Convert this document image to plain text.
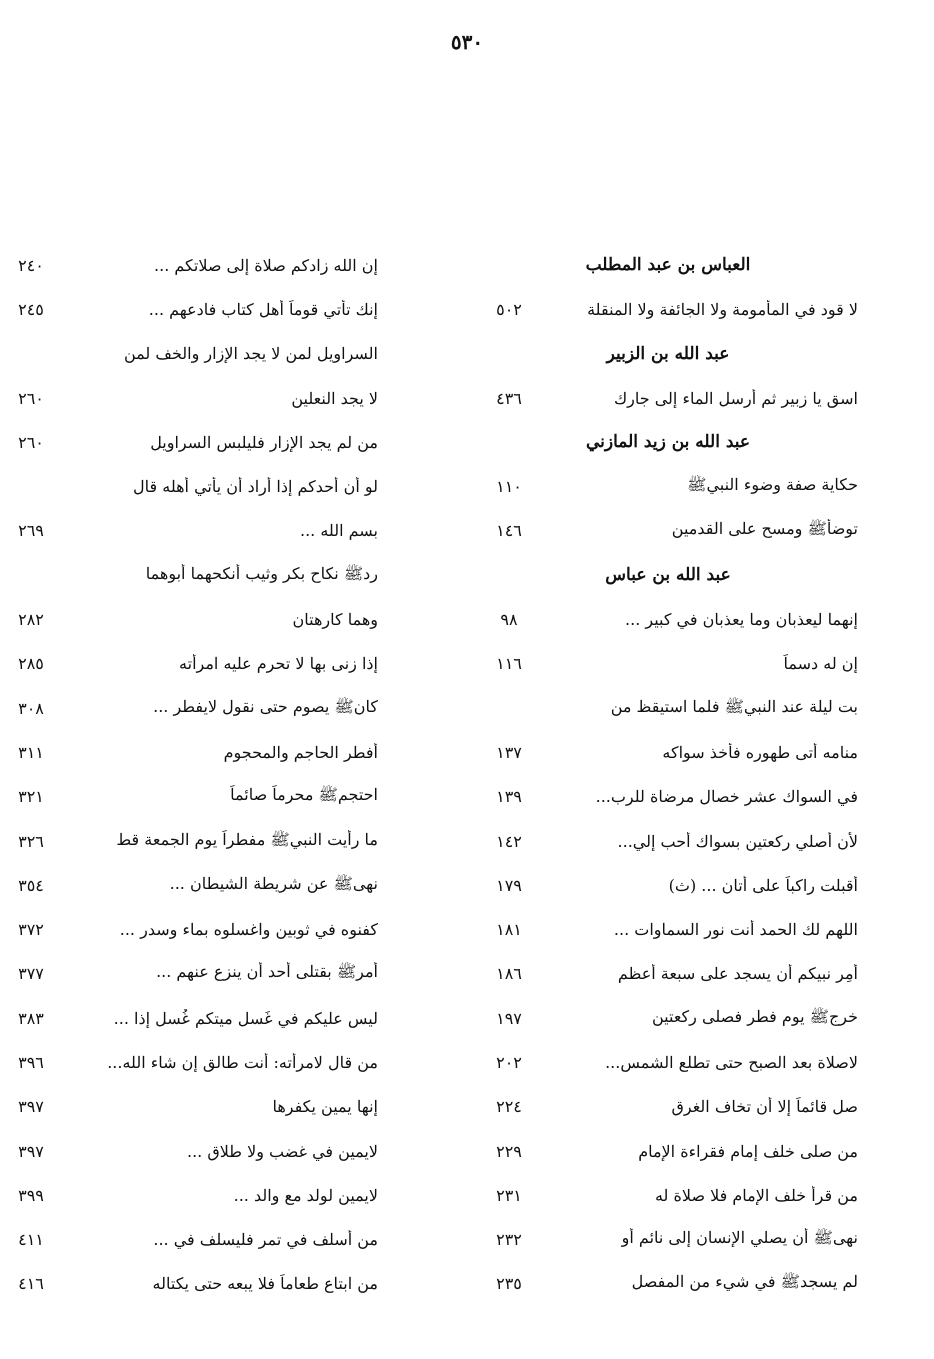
٥٣٠
العباس بن عبد المطلب
لا قود في المأمومة ولا الجائفة ولا المنقلة
٥٠٢
عبد الله بن الزبير
اسقِ يا زبير ثم أرسل الماء إلى جارك
٤٣٦
عبد الله بن زيد المازني
حكاية صفة وضوء النبيﷺ
١١٠
توضأﷺ ومسح على القدمين
١٤٦
عبد الله بن عباس
إنهما ليعذبان وما يعذبان في كبير ...
٩٨
إن له دسماً
١١٦
بت ليلة عند النبيﷺ فلما استيقظ من
منامه أتى طهوره فأخذ سواكه
١٣٧
في السواك عشر خصال مرضاة للرب...
١٣٩
لأن أصلي ركعتين بسواك أحب إلي...
١٤٢
أقبلت راكباً على أتان ... (ث)
١٧٩
اللهم لك الحمد أنت نور السماوات ...
١٨١
أُمِر نبيكم أن يسجد على سبعة أعظم
١٨٦
خرجﷺ يوم فطر فصلى ركعتين
١٩٧
لاصلاة بعد الصبح حتى تطلع الشمس...
٢٠٢
صل قائماً إلا أن تخاف الغرق
٢٢٤
من صلى خلف إمام فقراءة الإمام
٢٢٩
من قرأ خلف الإمام فلا صلاة له
٢٣١
نهىﷺ أن يصلي الإنسان إلى نائم أو
٢٣٢
لم يسجدﷺ في شيء من المفصل
٢٣٥
إن الله زادكم صلاة إلى صلاتكم ...
٢٤٠
إنك تأتي قوماً أهل كتاب فادعهم ...
٢٤٥
السراويل لمن لا يجد الإزار والخف لمن
لا يجد النعلين
٢٦٠
من لم يجد الإزار فليلبس السراويل
٢٦٠
لو أن أحدكم إذا أراد أن يأتي أهله قال
بسم الله ...
٢٦٩
ردﷺ نكاح بكر وثيب أنكحهما أبوهما
وهما كارهتان
٢٨٢
إذا زنى بها لا تحرم عليه امرأته
٢٨٥
كانﷺ يصوم حتى نقول لايفطر ...
٣٠٨
أفطر الحاجم والمحجوم
٣١١
احتجمﷺ محرماً صائماً
٣٢١
ما رأيت النبيﷺ مفطراً يوم الجمعة قط
٣٢٦
نهىﷺ عن شريطة الشيطان ...
٣٥٤
كفنوه في ثوبين واغسلوه بماء وسدر ...
٣٧٢
أمرﷺ بقتلى أحد أن ينزع عنهم ...
٣٧٧
ليس عليكم في غَسل ميتكم غُسل إذا ...
٣٨٣
من قال لامرأته: أنت طالق إن شاء الله...
٣٩٦
إنها يمين يكفرها
٣٩٧
لايمين في غضب ولا طلاق ...
٣٩٧
لايمين لولد مع والد ...
٣٩٩
من أسلف في تمر فليسلف في ...
٤١١
من ابتاع طعاماً فلا يبعه حتى يكتاله
٤١٦
